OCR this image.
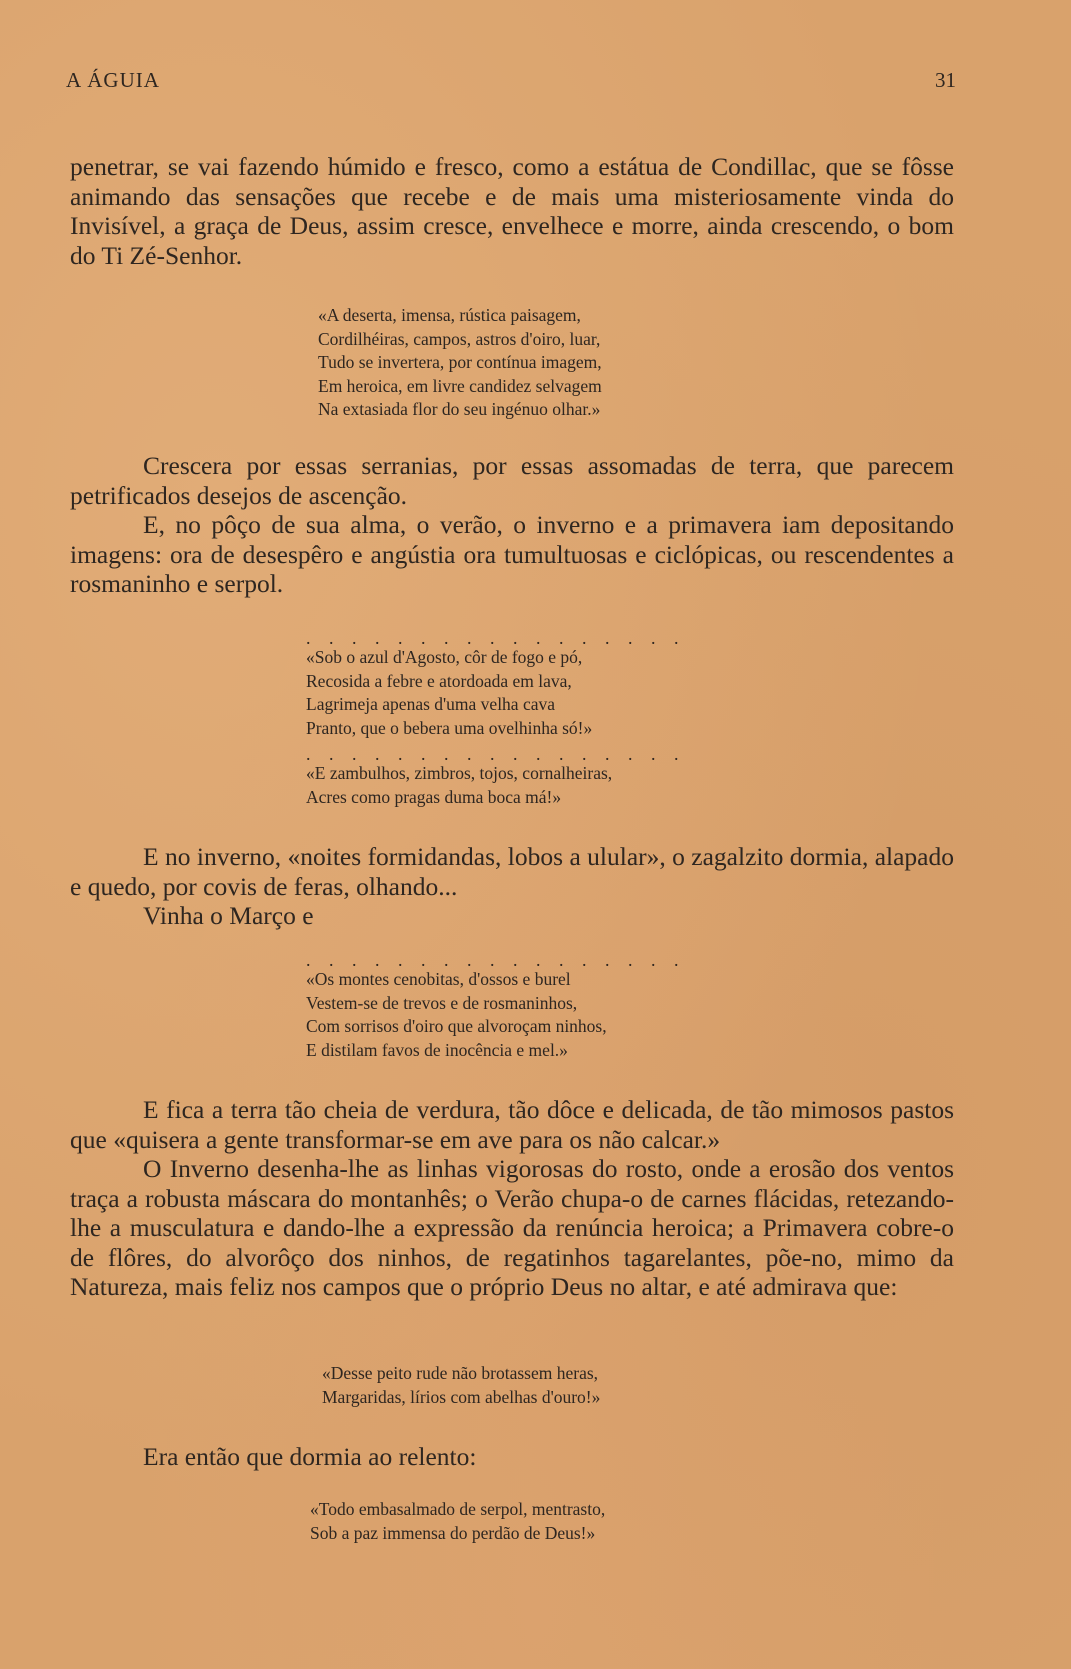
A ÁGUIA	31

penetrar, se vai fazendo húmido e fresco, como a estátua de Condillac, que se fôsse animando das sensações que recebe e de mais uma misteriosamente vinda do Invisível, a graça de Deus, assim cresce, envelhece e morre, ainda crescendo, o bom do Ti Zé-Senhor.

«A deserta, imensa, rústica paisagem,
Cordilhéiras, campos, astros d'oiro, luar,
Tudo se invertera, por contínua imagem,
Em heroica, em livre candidez selvagem
Na extasiada flor do seu ingénuo olhar.»

Crescera por essas serranias, por essas assomadas de terra, que parecem petrificados desejos de ascenção.

E, no pôço de sua alma, o verão, o inverno e a primavera iam depositando imagens: ora de desespêro e angústia ora tumultuosas e ciclópicas, ou rescendentes a rosmaninho e serpol.

. . . . . . . . . . . . . . . . .
«Sob o azul d'Agosto, côr de fogo e pó,
Recosida a febre e atordoada em lava,
Lagrimeja apenas d'uma velha cava
Pranto, que o bebera uma ovelhinha só!»
. . . . . . . . . . . . . . . . .
«E zambulhos, zimbros, tojos, cornalheiras,
Acres como pragas duma boca má!»

E no inverno, «noites formidandas, lobos a ulular», o zagalzito dormia, alapado e quedo, por covis de feras, olhando...

Vinha o Março e

. . . . . . . . . . . . . . . . .
«Os montes cenobitas, d'ossos e burel
Vestem-se de trevos e de rosmaninhos,
Com sorrisos d'oiro que alvoroçam ninhos,
E distilam favos de inocência e mel.»

E fica a terra tão cheia de verdura, tão dôce e delicada, de tão mimosos pastos que «quisera a gente transformar-se em ave para os não calcar.»

O Inverno desenha-lhe as linhas vigorosas do rosto, onde a erosão dos ventos traça a robusta máscara do montanhês; o Verão chupa-o de carnes flácidas, retezando-lhe a musculatura e dando-lhe a expressão da renúncia heroica; a Primavera cobre-o de flôres, do alvorôço dos ninhos, de regatinhos tagarelantes, põe-no, mimo da Natureza, mais feliz nos campos que o próprio Deus no altar, e até admirava que:

«Desse peito rude não brotassem heras,
Margaridas, lírios com abelhas d'ouro!»

Era então que dormia ao relento:

«Todo embasalmado de serpol, mentrasto,
Sob a paz immensa do perdão de Deus!»
